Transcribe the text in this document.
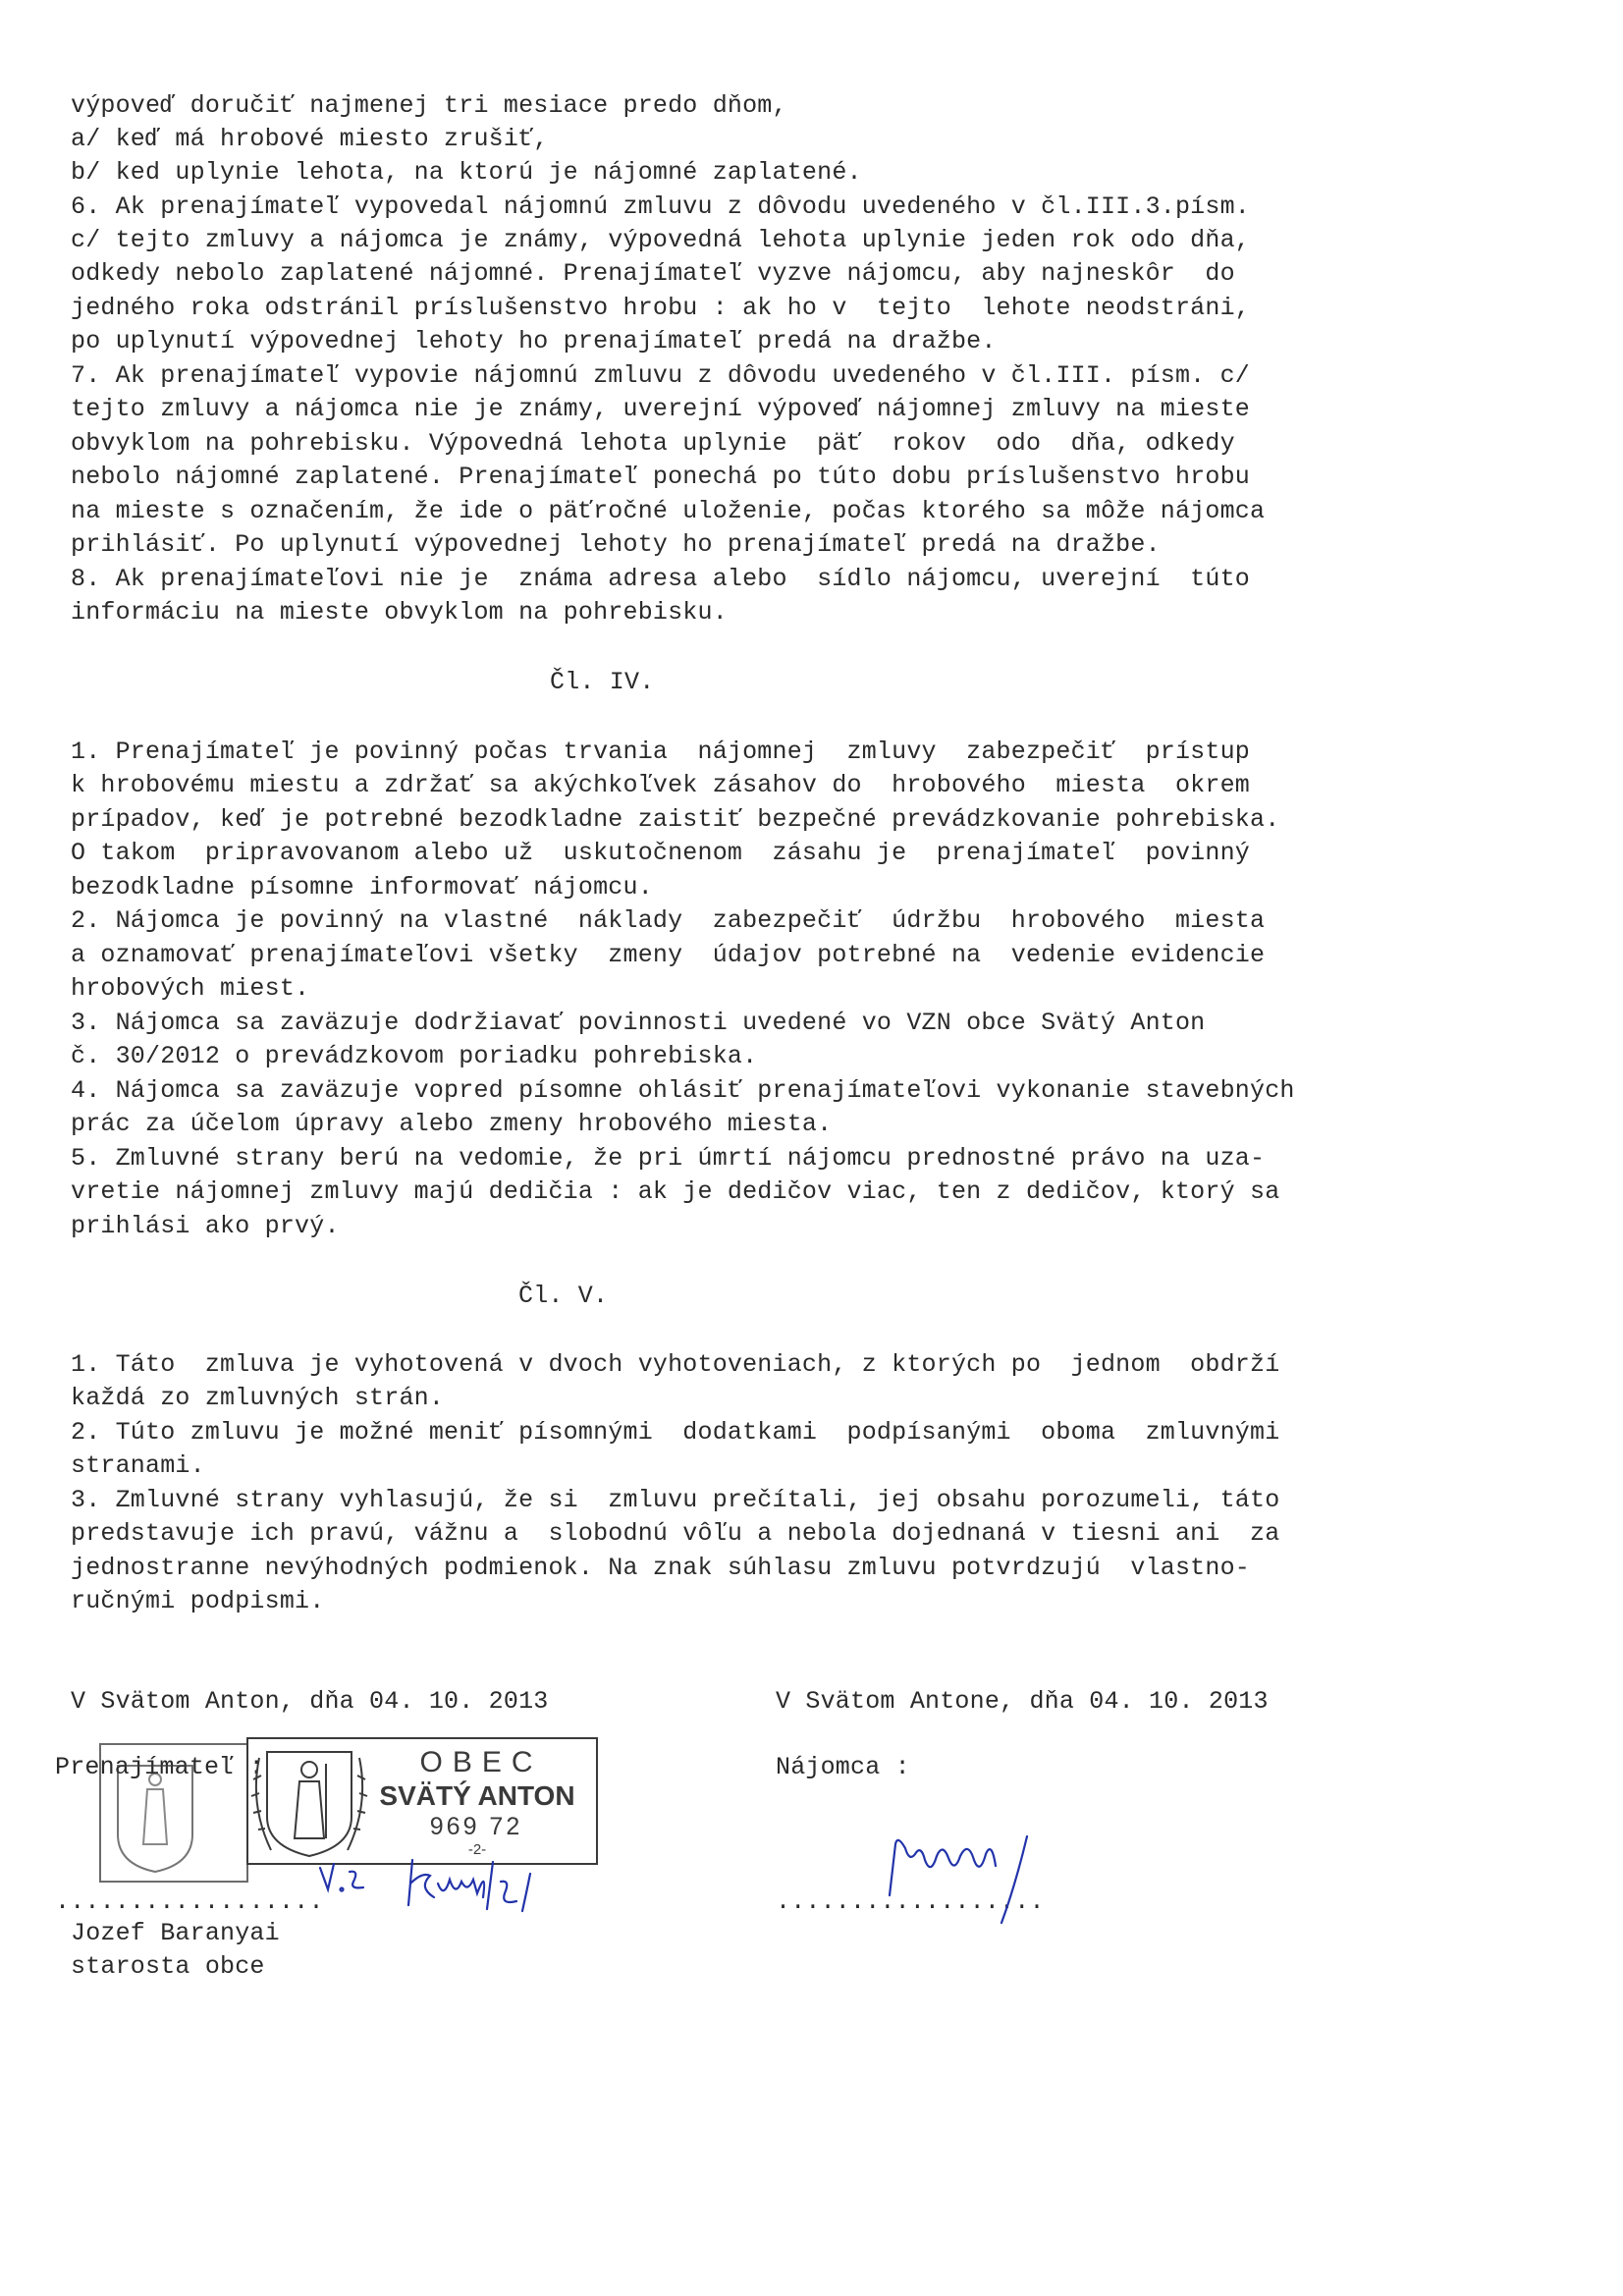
výpoveď doručiť najmenej tri mesiace predo dňom,
a/ keď má hrobové miesto zrušiť,
b/ ked uplynie lehota, na ktorú je nájomné zaplatené.
6. Ak prenajímateľ vypovedal nájomnú zmluvu z dôvodu uvedeného v čl.III.3.písm.
c/ tejto zmluvy a nájomca je známy, výpovedná lehota uplynie jeden rok odo dňa,
odkedy nebolo zaplatené nájomné. Prenajímateľ vyzve nájomcu, aby najneskôr  do
jedného roka odstránil príslušenstvo hrobu : ak ho v  tejto  lehote neodstráni,
po uplynutí výpovednej lehoty ho prenajímateľ predá na dražbe.
7. Ak prenajímateľ vypovie nájomnú zmluvu z dôvodu uvedeného v čl.III. písm. c/
tejto zmluvy a nájomca nie je známy, uverejní výpoveď nájomnej zmluvy na mieste
obvyklom na pohrebisku. Výpovedná lehota uplynie  päť  rokov  odo  dňa, odkedy
nebolo nájomné zaplatené. Prenajímateľ ponechá po túto dobu príslušenstvo hrobu
na mieste s označením, že ide o päťročné uloženie, počas ktorého sa môže nájomca
prihlásiť. Po uplynutí výpovednej lehoty ho prenajímateľ predá na dražbe.
8. Ak prenajímateľovi nie je  známa adresa alebo  sídlo nájomcu, uverejní  túto
informáciu na mieste obvyklom na pohrebisku.
Čl. IV.
1. Prenajímateľ je povinný počas trvania  nájomnej  zmluvy  zabezpečiť  prístup
k hrobovému miestu a zdržať sa akýchkoľvek zásahov do  hrobového  miesta  okrem
prípadov, keď je potrebné bezodkladne zaistiť bezpečné prevádzkovanie pohrebiska.
O takom  pripravovanom alebo už  uskutočnenom  zásahu je  prenajímateľ  povinný
bezodkladne písomne informovať nájomcu.
2. Nájomca je povinný na vlastné  náklady  zabezpečiť  údržbu  hrobového  miesta
a oznamovať prenajímateľovi všetky  zmeny  údajov potrebné na  vedenie evidencie
hrobových miest.
3. Nájomca sa zaväzuje dodržiavať povinnosti uvedené vo VZN obce Svätý Anton
č. 30/2012 o prevádzkovom poriadku pohrebiska.
4. Nájomca sa zaväzuje vopred písomne ohlásiť prenajímateľovi vykonanie stavebných
prác za účelom úpravy alebo zmeny hrobového miesta.
5. Zmluvné strany berú na vedomie, že pri úmrtí nájomcu prednostné právo na uza-
vretie nájomnej zmluvy majú dedičia : ak je dedičov viac, ten z dedičov, ktorý sa
prihlási ako prvý.
Čl. V.
1. Táto  zmluva je vyhotovená v dvoch vyhotoveniach, z ktorých po  jednom  obdrží
každá zo zmluvných strán.
2. Túto zmluvu je možné meniť písomnými  dodatkami  podpísanými  oboma  zmluvnými
stranami.
3. Zmluvné strany vyhlasujú, že si  zmluvu prečítali, jej obsahu porozumeli, táto
predstavuje ich pravú, vážnu a  slobodnú vôľu a nebola dojednaná v tiesni ani  za
jednostranne nevýhodných podmienok. Na znak súhlasu zmluvu potvrdzujú  vlastno-
ručnými podpismi.
V Svätom Anton, dňa 04. 10. 2013	V Svätom Antone, dňa 04. 10. 2013
Prenajímateľ :	Nájomca :
OBEC
SVÄTÝ ANTON
969 72
-2-
..................	..................
Jozef Baranyai
starosta obce
